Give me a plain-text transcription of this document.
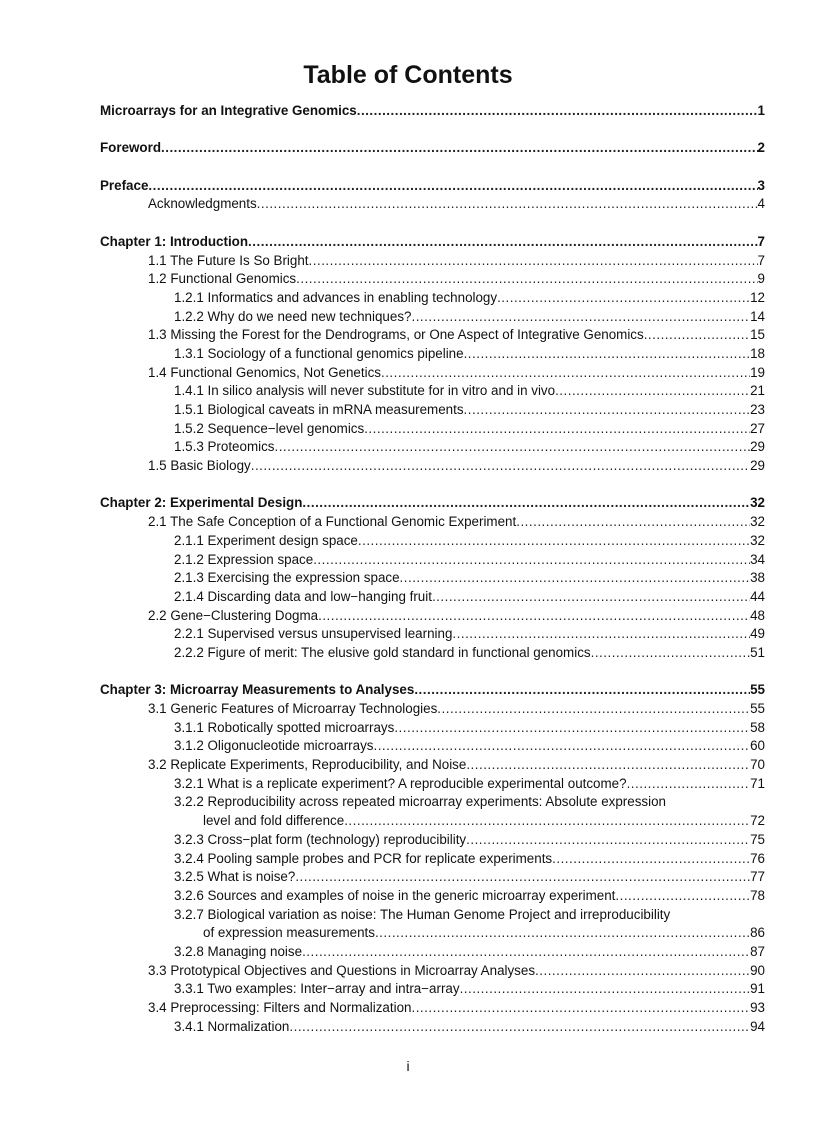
Table of Contents
Microarrays for an Integrative Genomics .....	1
Foreword .....	2
Preface .....	3
Acknowledgments .....	4
Chapter 1: Introduction .....	7
1.1 The Future Is So Bright .....	7
1.2 Functional Genomics .....	9
1.2.1 Informatics and advances in enabling technology .....	12
1.2.2 Why do we need new techniques? .....	14
1.3 Missing the Forest for the Dendrograms, or One Aspect of Integrative Genomics .....	15
1.3.1 Sociology of a functional genomics pipeline .....	18
1.4 Functional Genomics, Not Genetics .....	19
1.4.1 In silico analysis will never substitute for in vitro and in vivo .....	21
1.5.1 Biological caveats in mRNA measurements .....	23
1.5.2 Sequence−level genomics .....	27
1.5.3 Proteomics .....	29
1.5 Basic Biology .....	29
Chapter 2: Experimental Design .....	32
2.1 The Safe Conception of a Functional Genomic Experiment .....	32
2.1.1 Experiment design space .....	32
2.1.2 Expression space .....	34
2.1.3 Exercising the expression space .....	38
2.1.4 Discarding data and low−hanging fruit .....	44
2.2 Gene−Clustering Dogma .....	48
2.2.1 Supervised versus unsupervised learning .....	49
2.2.2 Figure of merit: The elusive gold standard in functional genomics .....	51
Chapter 3: Microarray Measurements to Analyses .....	55
3.1 Generic Features of Microarray Technologies .....	55
3.1.1 Robotically spotted microarrays .....	58
3.1.2 Oligonucleotide microarrays .....	60
3.2 Replicate Experiments, Reproducibility, and Noise .....	70
3.2.1 What is a replicate experiment? A reproducible experimental outcome? .....	71
3.2.2 Reproducibility across repeated microarray experiments: Absolute expression
level and fold difference .....	72
3.2.3 Cross−plat form (technology) reproducibility .....	75
3.2.4 Pooling sample probes and PCR for replicate experiments .....	76
3.2.5 What is noise? .....	77
3.2.6 Sources and examples of noise in the generic microarray experiment .....	78
3.2.7 Biological variation as noise: The Human Genome Project and irreproducibility
of expression measurements .....	86
3.2.8 Managing noise .....	87
3.3 Prototypical Objectives and Questions in Microarray Analyses .....	90
3.3.1 Two examples: Inter−array and intra−array .....	91
3.4 Preprocessing: Filters and Normalization .....	93
3.4.1 Normalization .....	94
i
